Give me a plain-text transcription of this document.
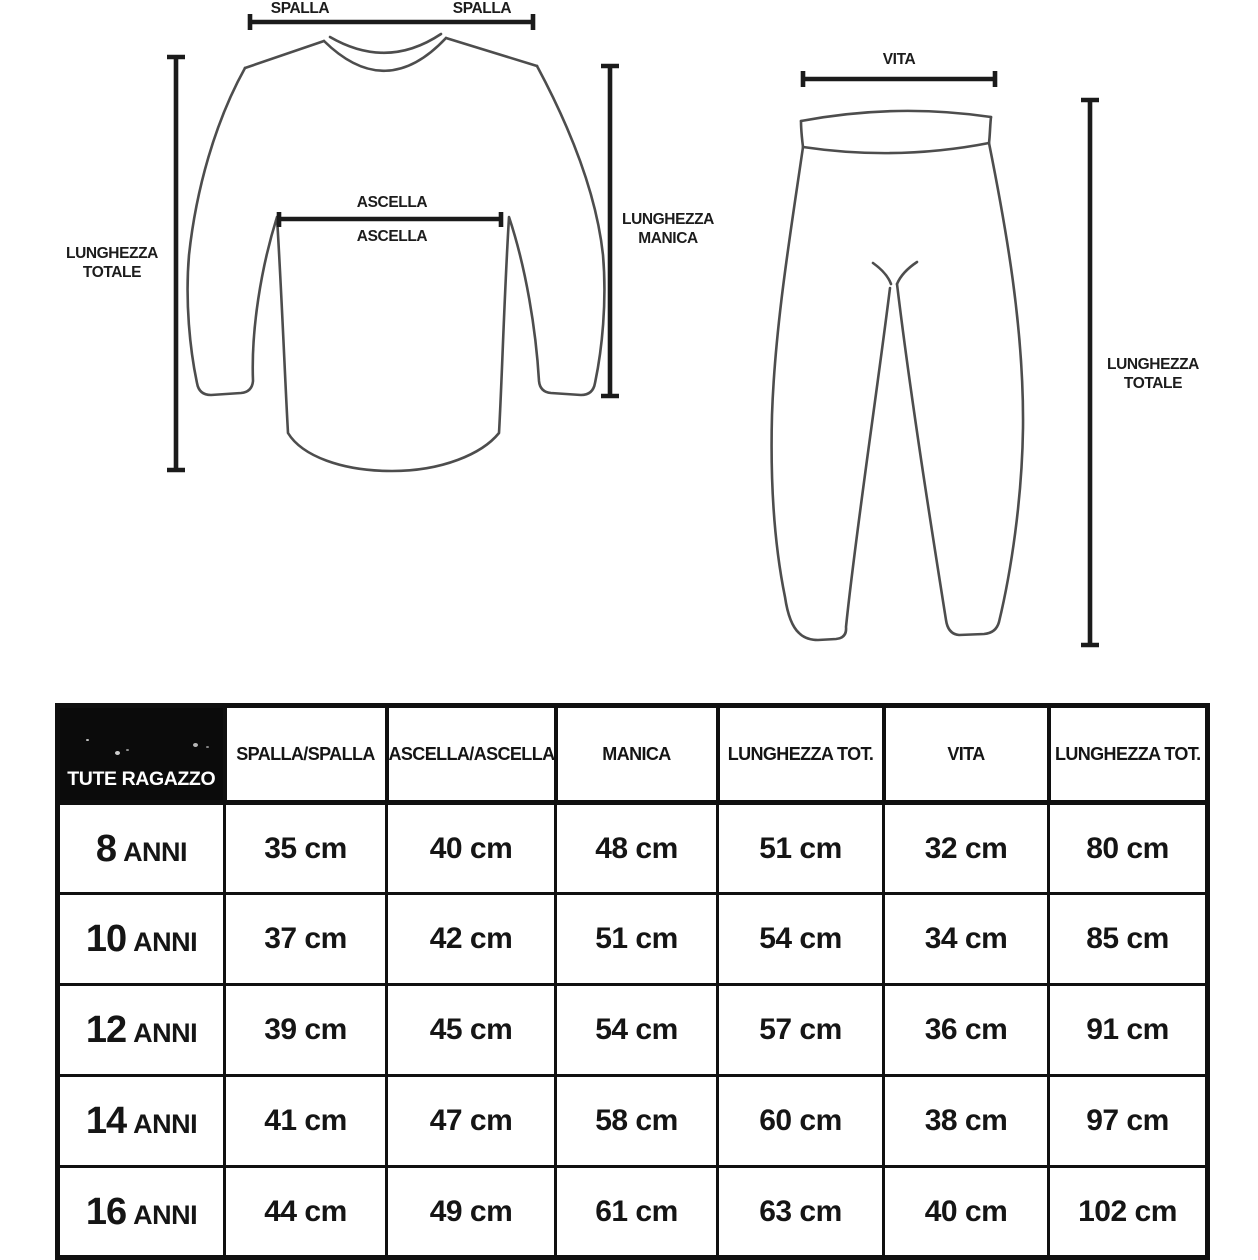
SPALLA	SPALLA
ASCELLA
ASCELLA
LUNGHEZZA
TOTALE
LUNGHEZZA
MANICA
VITA
LUNGHEZZA
TOTALE
TUTE RAGAZZO	SPALLA/SPALLA	ASCELLA/ASCELLA	MANICA	LUNGHEZZA TOT.	VITA	LUNGHEZZA TOT.

8 ANNI	35 cm	40 cm	48 cm	51 cm	32 cm	80 cm

10 ANNI	37 cm	42 cm	51 cm	54 cm	34 cm	85 cm

12 ANNI	39 cm	45 cm	54 cm	57 cm	36 cm	91 cm

14 ANNI	41 cm	47 cm	58 cm	60 cm	38 cm	97 cm

16 ANNI	44 cm	49 cm	61 cm	63 cm	40 cm	102 cm
